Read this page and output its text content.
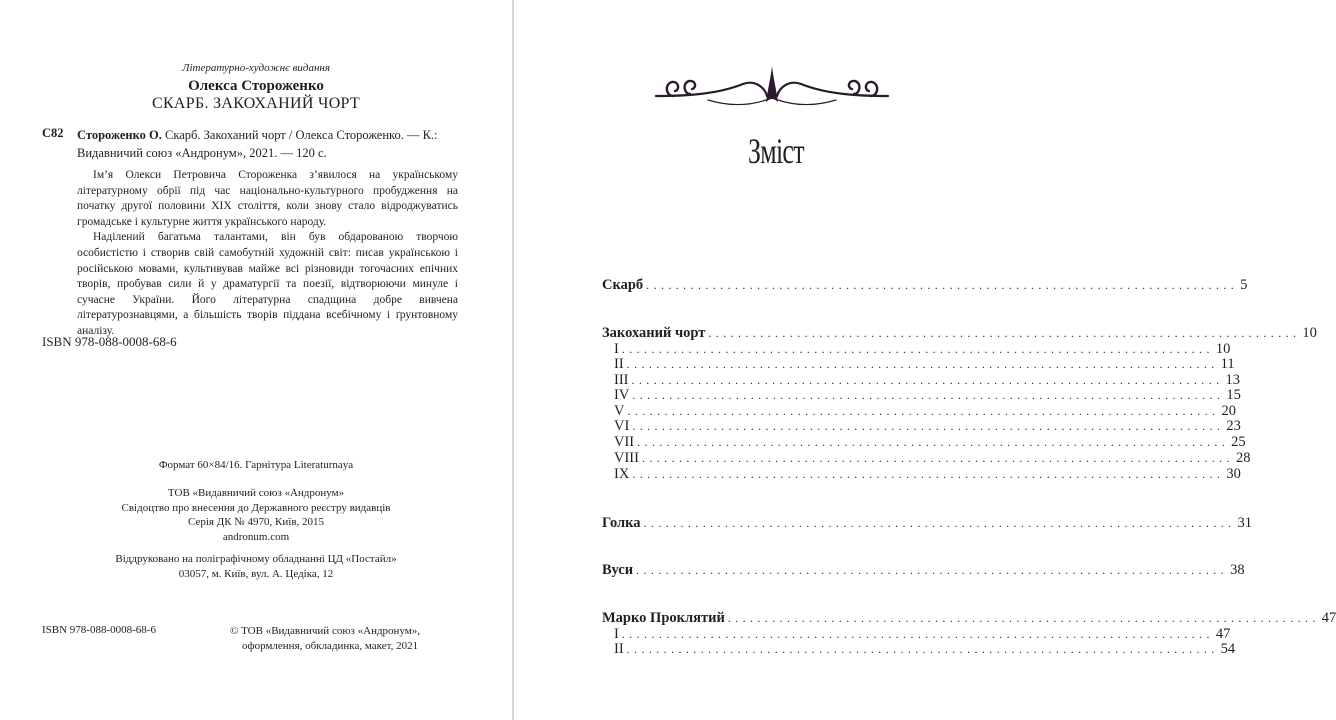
Літературно-художнє видання
Олекса Стороженко
СКАРБ. ЗАКОХАНИЙ ЧОРТ
С82 Стороженко О. Скарб. Закоханий чорт / Олекса Стороженко. — К.: Видавничий союз «Андронум», 2021. — 120 с.

Ім’я Олекси Петровича Стороженка з’явилося на українському літературному обрії під час національно-культурного пробудження на початку другої половини XIX століття, коли знову стало відроджуватись громадське і культурне життя українського народу.

Наділений багатьма талантами, він був обдарованою творчою особистістю і створив свій самобутній художній світ: писав українською і російською мовами, культивував майже всі різновиди тогочасних епічних творів, пробував сили й у драматургії та поезії, відтворюючи минуле і сучасне України. Його літературна спадщина добре вивчена літературознавцями, а більшість творів піддана всебічному і ґрунтовному аналізу.

ISBN 978-088-0008-68-6
Формат 60×84/16. Гарнітура Literaturnaya
ТОВ «Видавничий союз «Андронум»
Свідоцтво про внесення до Державного реєстру видавців
Серія ДК № 4970, Київ, 2015
andronum.com
Віддруковано на поліграфічному обладнанні ЦД «Постайл»
03057, м. Київ, вул. А. Цедіка, 12
ISBN 978-088-0008-68-6	© ТОВ «Видавничий союз «Андронум»,
оформлення, обкладинка, макет, 2021
Зміст
Скарб ................................................................................ 5
Закоханий чорт ................................................................................ 10
I ................................................................................ 10
II ................................................................................ 11
III ................................................................................ 13
IV ................................................................................ 15
V ................................................................................ 20
VI ................................................................................ 23
VII ................................................................................ 25
VIII ................................................................................ 28
IX ................................................................................ 30
Голка ................................................................................ 31
Вуси ................................................................................ 38
Марко Проклятий ................................................................................ 47
I ................................................................................ 47
II ................................................................................ 54
